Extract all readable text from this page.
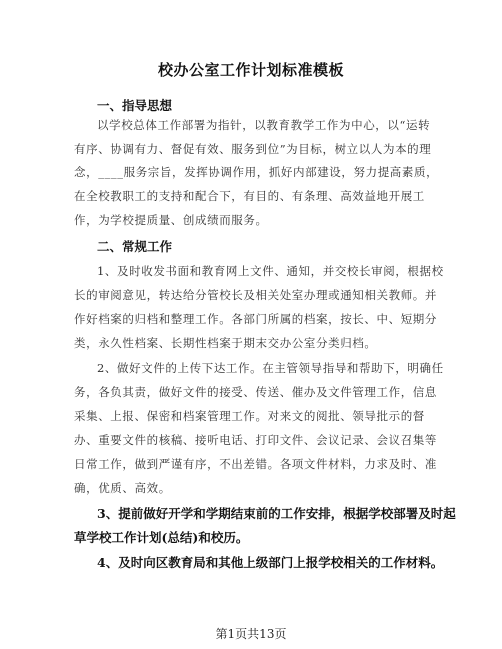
校办公室工作计划标准模板
一、指导思想
以学校总体工作部署为指针，以教育教学工作为中心，以“运转
有序、协调有力、督促有效、服务到位”为目标，树立以人为本的理
念，____服务宗旨，发挥协调作用，抓好内部建设，努力提高素质，
在全校教职工的支持和配合下，有目的、有条理、高效益地开展工
作，为学校提质量、创成绩而服务。
二、常规工作
1、及时收发书面和教育网上文件、通知，并交校长审阅，根据校
长的审阅意见，转达给分管校长及相关处室办理或通知相关教师。并
作好档案的归档和整理工作。各部门所属的档案，按长、中、短期分
类，永久性档案、长期性档案于期末交办公室分类归档。
2、做好文件的上传下达工作。在主管领导指导和帮助下，明确任
务，各负其责，做好文件的接受、传送、催办及文件管理工作，信息
采集、上报、保密和档案管理工作。对来文的阅批、领导批示的督
办、重要文件的核稿、接听电话、打印文件、会议记录、会议召集等
日常工作，做到严谨有序，不出差错。各项文件材料，力求及时、准
确，优质、高效。
3、提前做好开学和学期结束前的工作安排，根据学校部署及时起
草学校工作计划(总结)和校历。
4、及时向区教育局和其他上级部门上报学校相关的工作材料。
第1页共13页
